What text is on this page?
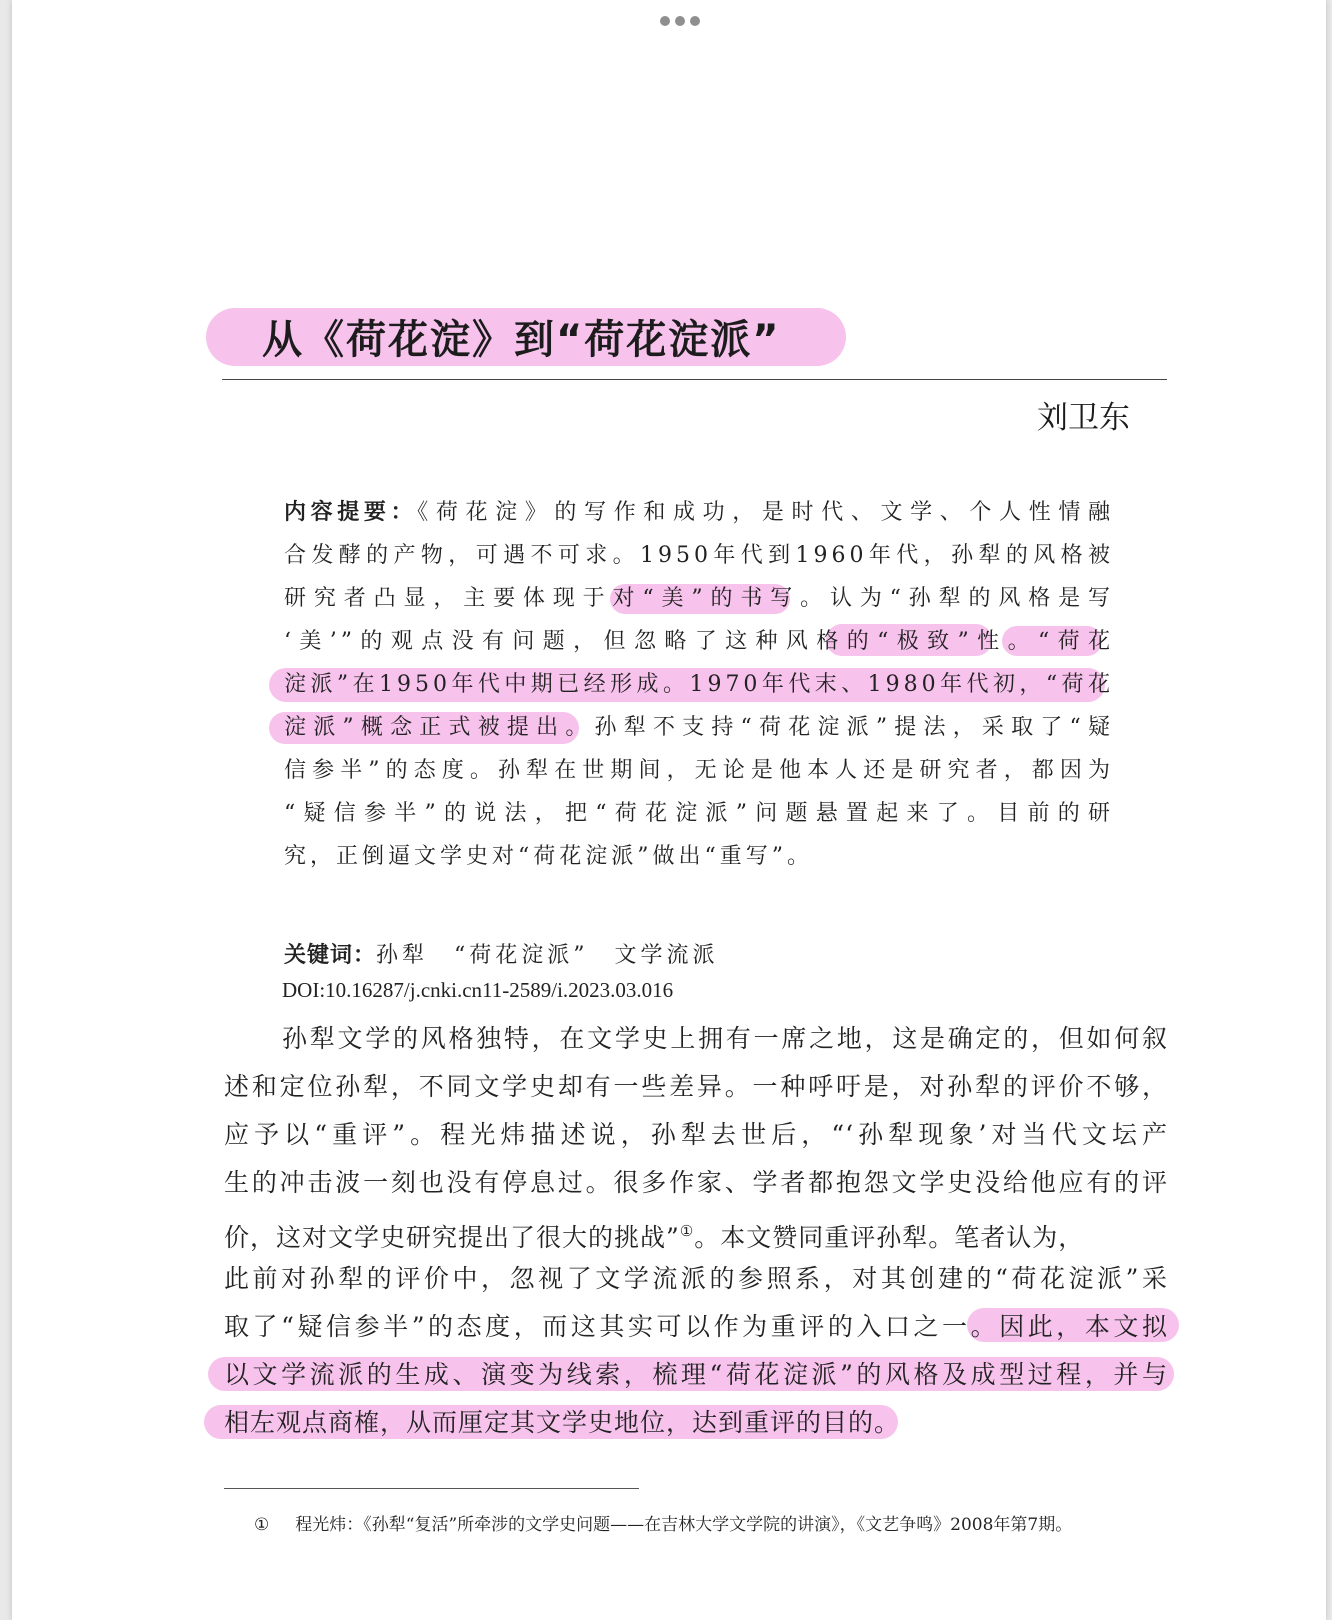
从《荷花淀》到“荷花淀派”
刘卫东
内容提要：《荷花淀》的写作和成功，是时代、文学、个人性情融
合发酵的产物，可遇不可求。1950年代到1960年代，孙犁的风格被
研究者凸显，主要体现于对“美”的书写。认为“孙犁的风格是写
‘美’”的观点没有问题，但忽略了这种风格的“极致”性。“荷花
淀派”在1950年代中期已经形成。1970年代末、1980年代初，“荷花
淀派”概念正式被提出。孙犁不支持“荷花淀派”提法，采取了“疑
信参半”的态度。孙犁在世期间，无论是他本人还是研究者，都因为
“疑信参半”的说法，把“荷花淀派”问题悬置起来了。目前的研
究，正倒逼文学史对“荷花淀派”做出“重写”。
关键词：孙犁　“荷花淀派”　文学流派
DOI:10.16287/j.cnki.cn11-2589/i.2023.03.016
孙犁文学的风格独特，在文学史上拥有一席之地，这是确定的，但如何叙
述和定位孙犁，不同文学史却有一些差异。一种呼吁是，对孙犁的评价不够，
应予以“重评”。程光炜描述说，孙犁去世后，“‘孙犁现象’对当代文坛产
生的冲击波一刻也没有停息过。很多作家、学者都抱怨文学史没给他应有的评
价，这对文学史研究提出了很大的挑战”①。本文赞同重评孙犁。笔者认为，
此前对孙犁的评价中，忽视了文学流派的参照系，对其创建的“荷花淀派”采
取了“疑信参半”的态度，而这其实可以作为重评的入口之一。因此，本文拟
以文学流派的生成、演变为线索，梳理“荷花淀派”的风格及成型过程，并与
相左观点商榷，从而厘定其文学史地位，达到重评的目的。
① 程光炜：《孙犁“复活”所牵涉的文学史问题——在吉林大学文学院的讲演》，《文艺争鸣》2008年第7期。
